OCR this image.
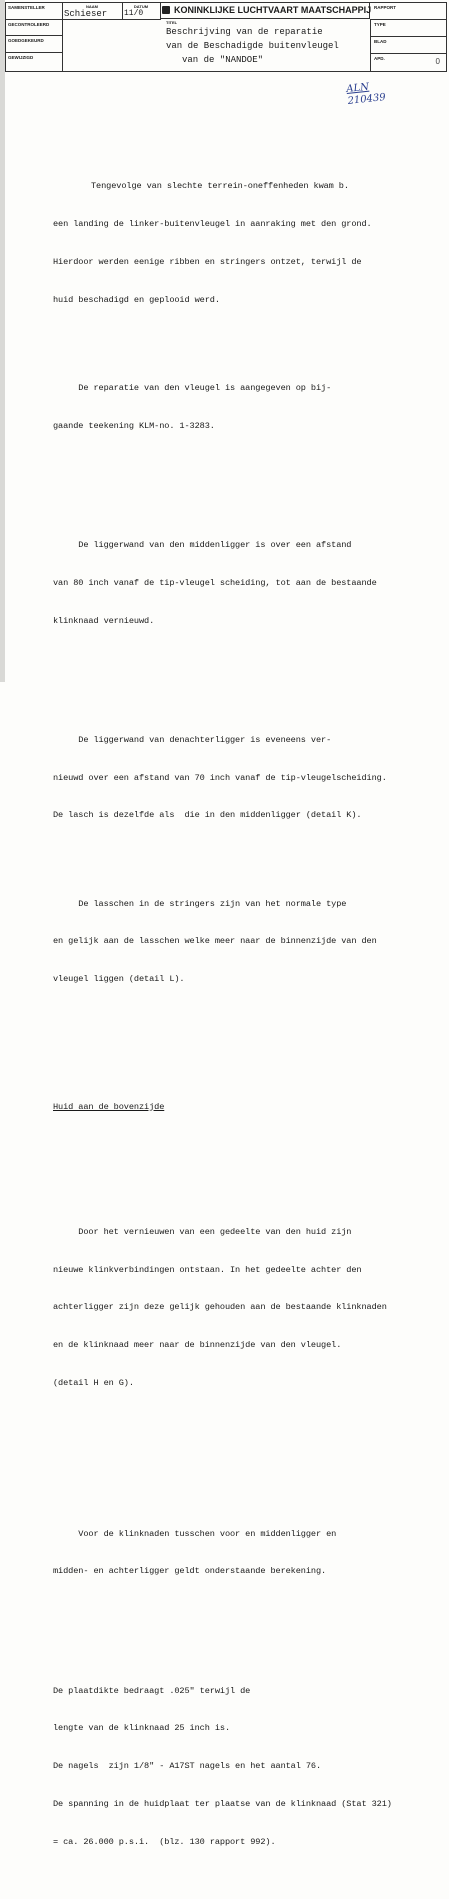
SAMENSTELLER
GECONTROLEERD
GOEDGEKEURD
GEWIJZIGD
NAAM
Schieser
DATUM
11/0	KONINKLIJKE LUCHTVAART MAATSCHAPPIJ
TITEL
Beschrijving van de reparatie
van de Beschadigde buitenvleugel
van de "NANDOE"
RAPPORT
TYPE
BLAD
APD.	0
ALN
210439

Tengevolge van slechte terrein-oneffenheden kwam b.

een landing de linker-buitenvleugel in aanraking met den grond.

Hierdoor werden eenige ribben en stringers ontzet, terwijl de

huid beschadigd en geplooid werd.

De reparatie van den vleugel is aangegeven op bij-

gaande teekening KLM-no. 1-3283.

De liggerwand van den middenligger is over een afstand

van 80 inch vanaf de tip-vleugel scheiding, tot aan de bestaande

klinknaad vernieuwd.

De liggerwand van denachterligger is eveneens ver-

nieuwd over een afstand van 70 inch vanaf de tip-vleugelscheiding.

De lasch is dezelfde als  die in den middenligger (detail K).

De lasschen in de stringers zijn van het normale type

en gelijk aan de lasschen welke meer naar de binnenzijde van den

vleugel liggen (detail L).

Huid aan de bovenzijde

Door het vernieuwen van een gedeelte van den huid zijn

nieuwe klinkverbindingen ontstaan. In het gedeelte achter den

achterligger zijn deze gelijk gehouden aan de bestaande klinknaden

en de klinknaad meer naar de binnenzijde van den vleugel.

(detail H en G).

Voor de klinknaden tusschen voor en middenligger en

midden- en achterligger geldt onderstaande berekening.

De plaatdikte bedraagt .025" terwijl de

lengte van de klinknaad 25 inch is.

De nagels  zijn 1/8" - A17ST nagels en het aantal 76.

De spanning in de huidplaat ter plaatse van de klinknaad (Stat 321)

= ca. 26.000 p.s.i.  (blz. 130 rapport 992).
